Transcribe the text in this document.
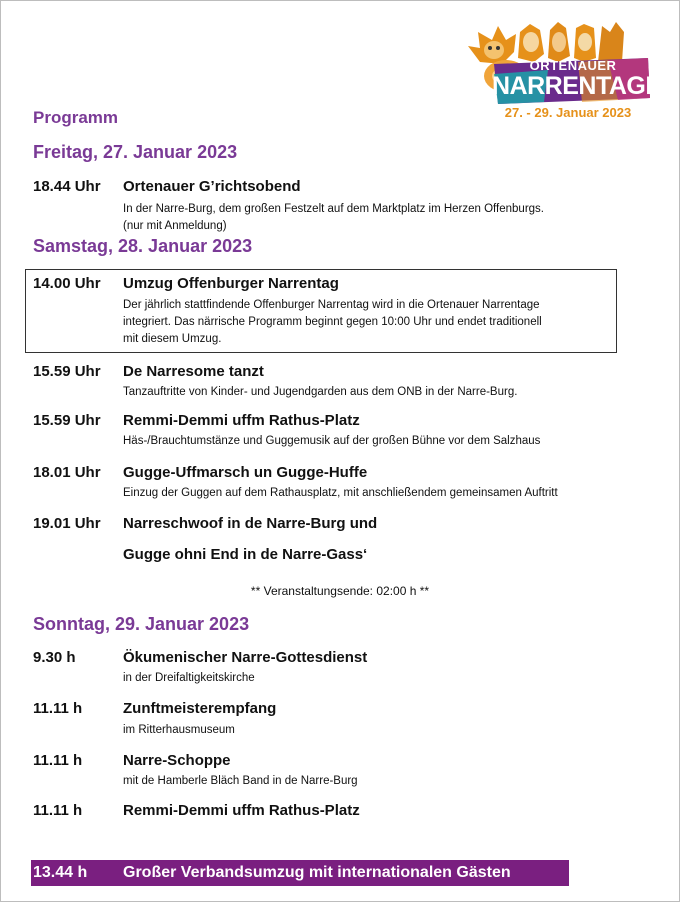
ORTENAUER
NARRENTAGE
27. - 29. Januar 2023
Programm
Freitag, 27. Januar 2023
18.44 Uhr Ortenauer G’richtsobend
In der Narre-Burg, dem großen Festzelt auf dem Marktplatz im Herzen Offenburgs.
(nur mit Anmeldung)
Samstag, 28. Januar 2023
14.00 Uhr Umzug Offenburger Narrentag
Der jährlich stattfindende Offenburger Narrentag wird in die Ortenauer Narrentage
integriert. Das närrische Programm beginnt gegen 10:00 Uhr und endet traditionell
mit diesem Umzug.
15.59 Uhr De Narresome tanzt
Tanzauftritte von Kinder- und Jugendgarden aus dem ONB in der Narre-Burg.
15.59 Uhr Remmi-Demmi uffm Rathus-Platz
Häs-/Brauchtumstänze und Guggemusik auf der großen Bühne vor dem Salzhaus
18.01 Uhr Gugge-Uffmarsch un Gugge-Huffe
Einzug der Guggen auf dem Rathausplatz, mit anschließendem gemeinsamen Auftritt
19.01 Uhr Narreschwoof in de Narre-Burg und
Gugge ohni End in de Narre-Gass‘
** Veranstaltungsende: 02:00 h **
Sonntag, 29. Januar 2023
9.30 h	Ökumenischer Narre-Gottesdienst
in der Dreifaltigkeitskirche
11.11 h	Zunftmeisterempfang
im Ritterhausmuseum
11.11 h	Narre-Schoppe
mit de Hamberle Bläch Band in de Narre-Burg
11.11 h	Remmi-Demmi uffm Rathus-Platz
13.44 h Großer Verbandsumzug mit internationalen Gästen
